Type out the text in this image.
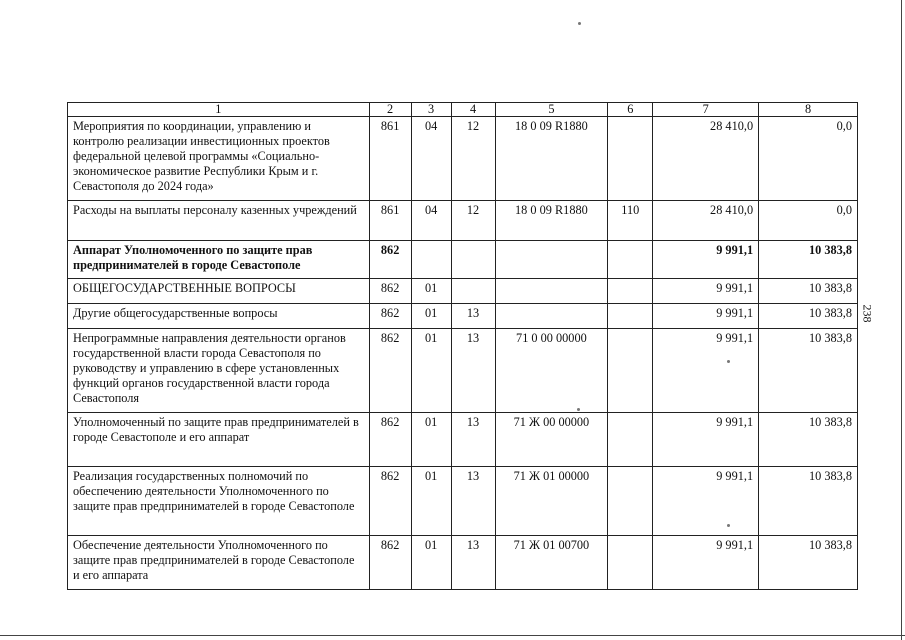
238
1	2	3	4	5	6	7	8
Мероприятия по координации, управлению и контролю реализации инвестиционных проектов федеральной целевой программы «Социально-экономическое развитие Республики Крым и г. Севастополя до 2024 года»	861	04	12	18 0 09 R1880		28 410,0	0,0
Расходы на выплаты персоналу казенных учреждений	861	04	12	18 0 09 R1880	110	28 410,0	0,0
Аппарат Уполномоченного по защите прав предпринимателей в городе Севастополе	862					9 991,1	10 383,8
ОБЩЕГОСУДАРСТВЕННЫЕ ВОПРОСЫ	862	01				9 991,1	10 383,8
Другие общегосударственные вопросы	862	01	13			9 991,1	10 383,8
Непрограммные направления деятельности органов государственной власти города Севастополя по руководству и управлению в сфере установленных функций органов государственной власти города Севастополя	862	01	13	71 0 00 00000		9 991,1	10 383,8
Уполномоченный по защите прав предпринимателей в городе Севастополе и его аппарат	862	01	13	71 Ж 00 00000		9 991,1	10 383,8
Реализация государственных полномочий по обеспечению деятельности Уполномоченного по защите прав предпринимателей в городе Севастополе	862	01	13	71 Ж 01 00000		9 991,1	10 383,8
Обеспечение деятельности Уполномоченного по защите прав предпринимателей в городе Севастополе и его аппарата	862	01	13	71 Ж 01 00700		9 991,1	10 383,8
